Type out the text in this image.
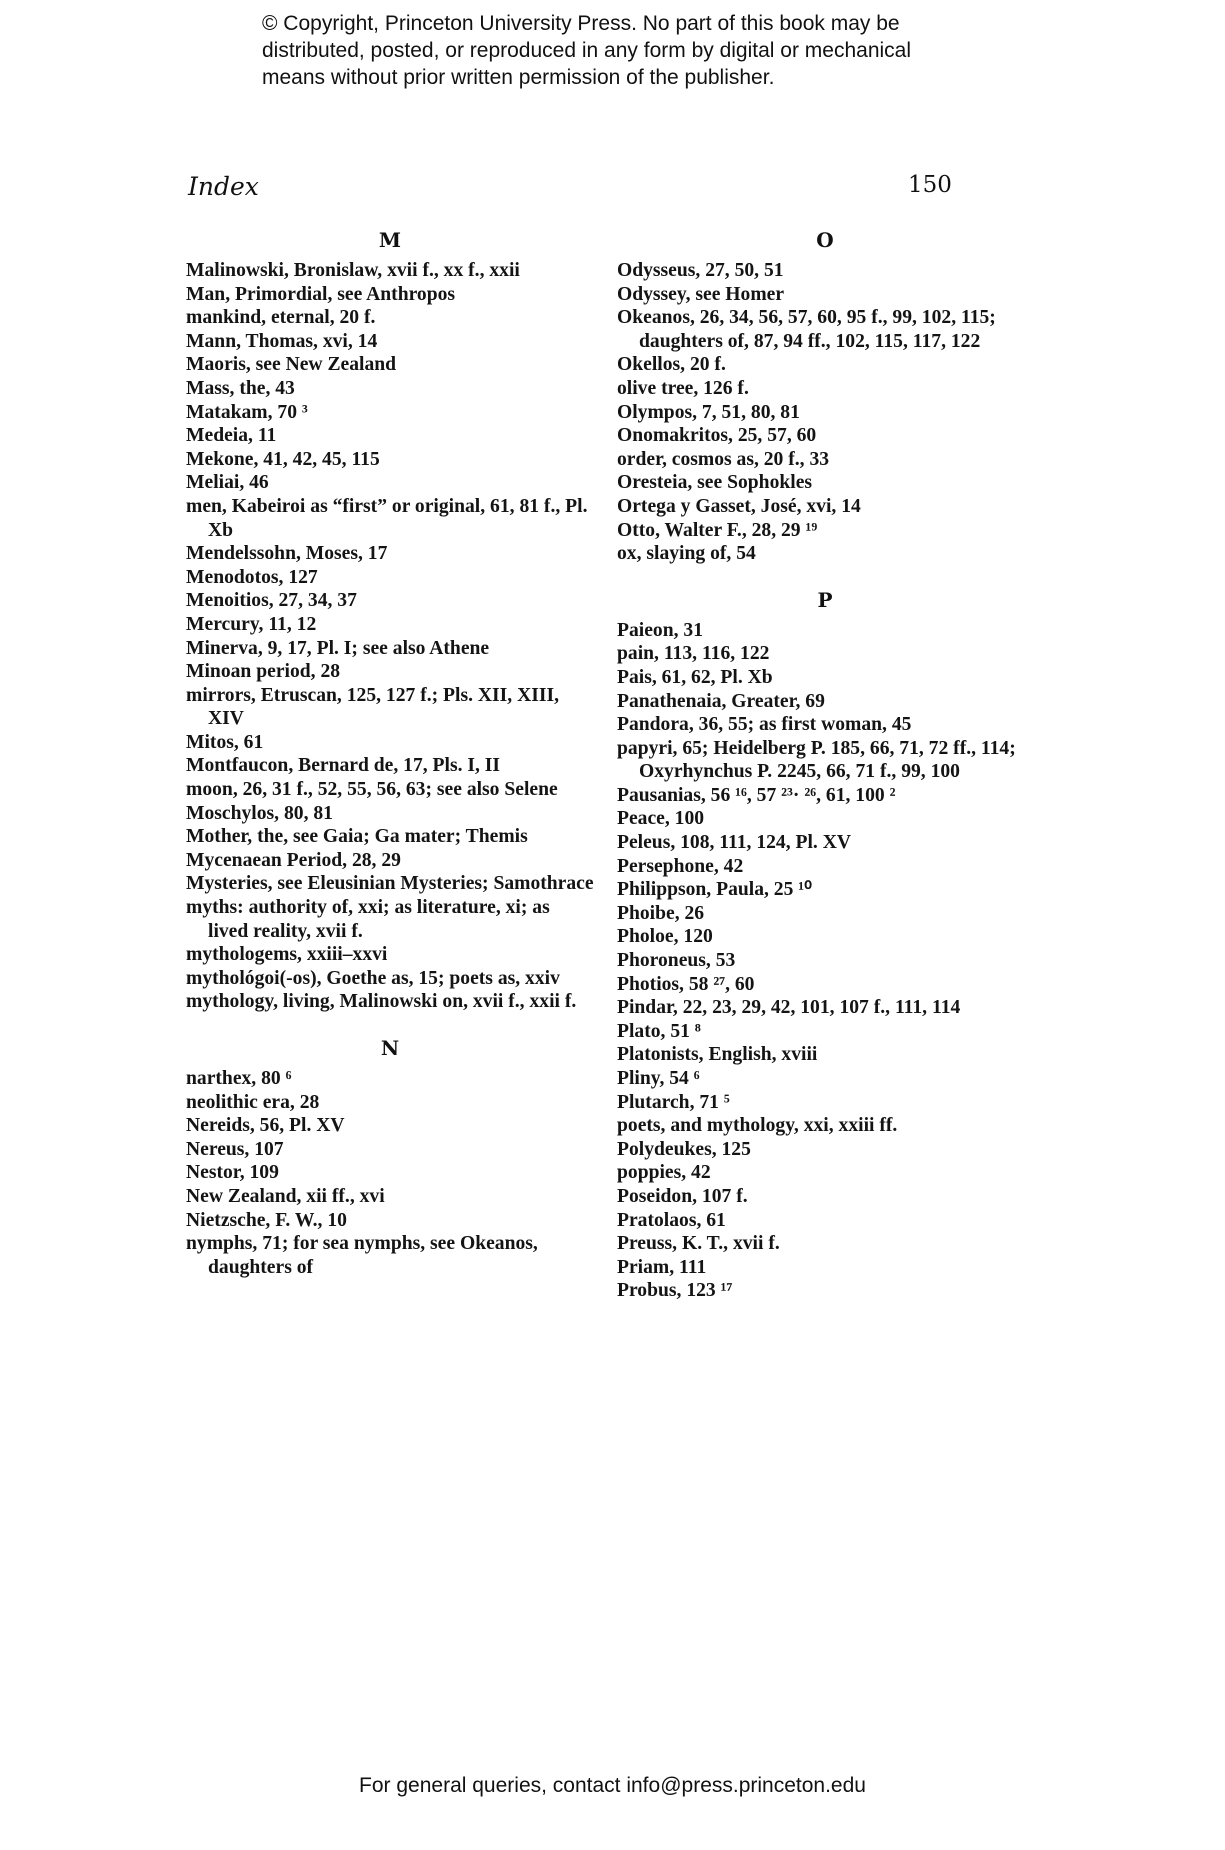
© Copyright, Princeton University Press. No part of this book may be
distributed, posted, or reproduced in any form by digital or mechanical
means without prior written permission of the publisher.
Index	150
M
Malinowski, Bronislaw, xvii f., xx f., xxii
Man, Primordial, see Anthropos
mankind, eternal, 20 f.
Mann, Thomas, xvi, 14
Maoris, see New Zealand
Mass, the, 43
Matakam, 70 ³
Medeia, 11
Mekone, 41, 42, 45, 115
Meliai, 46
men, Kabeiroi as “first” or original, 61, 81 f., Pl. Xb
Mendelssohn, Moses, 17
Menodotos, 127
Menoitios, 27, 34, 37
Mercury, 11, 12
Minerva, 9, 17, Pl. I; see also Athene
Minoan period, 28
mirrors, Etruscan, 125, 127 f.; Pls. XII, XIII, XIV
Mitos, 61
Montfaucon, Bernard de, 17, Pls. I, II
moon, 26, 31 f., 52, 55, 56, 63; see also Selene
Moschylos, 80, 81
Mother, the, see Gaia; Ga mater; Themis
Mycenaean Period, 28, 29
Mysteries, see Eleusinian Mysteries; Samothrace
myths: authority of, xxi; as literature, xi; as lived reality, xvii f.
mythologems, xxiii–xxvi
mythológoi(-os), Goethe as, 15; poets as, xxiv
mythology, living, Malinowski on, xvii f., xxii f.
N
narthex, 80 ⁶
neolithic era, 28
Nereids, 56, Pl. XV
Nereus, 107
Nestor, 109
New Zealand, xii ff., xvi
Nietzsche, F. W., 10
nymphs, 71; for sea nymphs, see Okeanos, daughters of
O
Odysseus, 27, 50, 51
Odyssey, see Homer
Okeanos, 26, 34, 56, 57, 60, 95 f., 99, 102, 115; daughters of, 87, 94 ff., 102, 115, 117, 122
Okellos, 20 f.
olive tree, 126 f.
Olympos, 7, 51, 80, 81
Onomakritos, 25, 57, 60
order, cosmos as, 20 f., 33
Oresteia, see Sophokles
Ortega y Gasset, José, xvi, 14
Otto, Walter F., 28, 29 ¹⁹
ox, slaying of, 54
P
Paieon, 31
pain, 113, 116, 122
Pais, 61, 62, Pl. Xb
Panathenaia, Greater, 69
Pandora, 36, 55; as first woman, 45
papyri, 65; Heidelberg P. 185, 66, 71, 72 ff., 114; Oxyrhynchus P. 2245, 66, 71 f., 99, 100
Pausanias, 56 ¹⁶, 57 ²³· ²⁶, 61, 100 ²
Peace, 100
Peleus, 108, 111, 124, Pl. XV
Persephone, 42
Philippson, Paula, 25 ¹⁰
Phoibe, 26
Pholoe, 120
Phoroneus, 53
Photios, 58 ²⁷, 60
Pindar, 22, 23, 29, 42, 101, 107 f., 111, 114
Plato, 51 ⁸
Platonists, English, xviii
Pliny, 54 ⁶
Plutarch, 71 ⁵
poets, and mythology, xxi, xxiii ff.
Polydeukes, 125
poppies, 42
Poseidon, 107 f.
Pratolaos, 61
Preuss, K. T., xvii f.
Priam, 111
Probus, 123 ¹⁷
For general queries, contact info@press.princeton.edu
